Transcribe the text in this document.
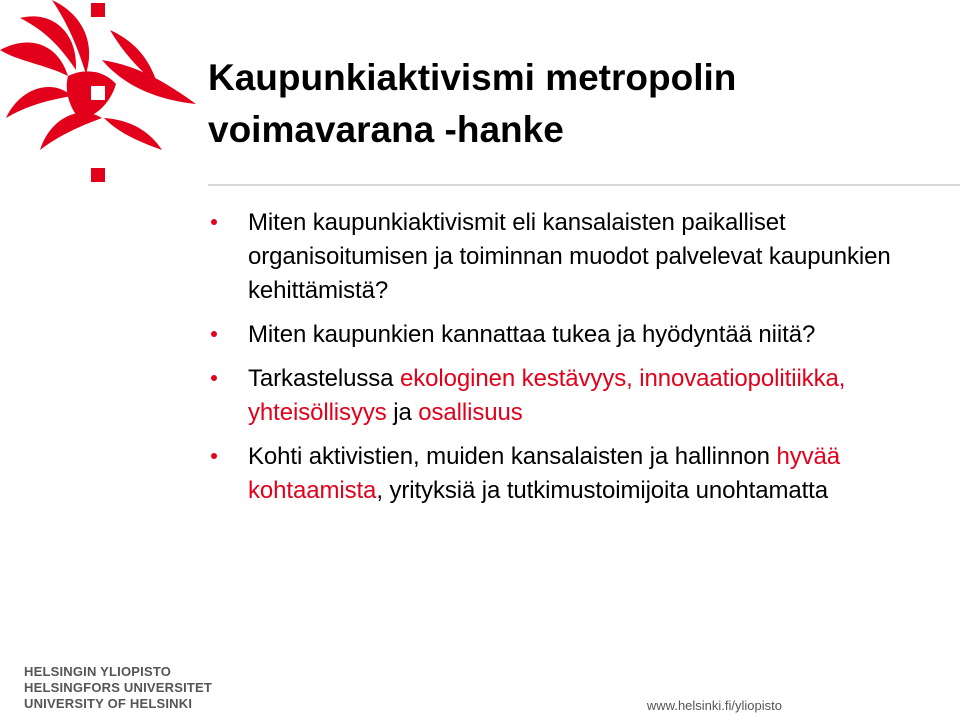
Kaupunkiaktivismi metropolin
voimavarana -hanke
Miten kaupunkiaktivismit eli kansalaisten paikalliset organisoitumisen ja toiminnan muodot palvelevat kaupunkien kehittämistä?
Miten kaupunkien kannattaa tukea ja hyödyntää niitä?
Tarkastelussa ekologinen kestävyys, innovaatiopolitiikka, yhteisöllisyys ja osallisuus
Kohti aktivistien, muiden kansalaisten ja hallinnon hyvää kohtaamista, yrityksiä ja tutkimustoimijoita unohtamatta
HELSINGIN YLIOPISTO
HELSINGFORS UNIVERSITET
UNIVERSITY OF HELSINKI	www.helsinki.fi/yliopisto
